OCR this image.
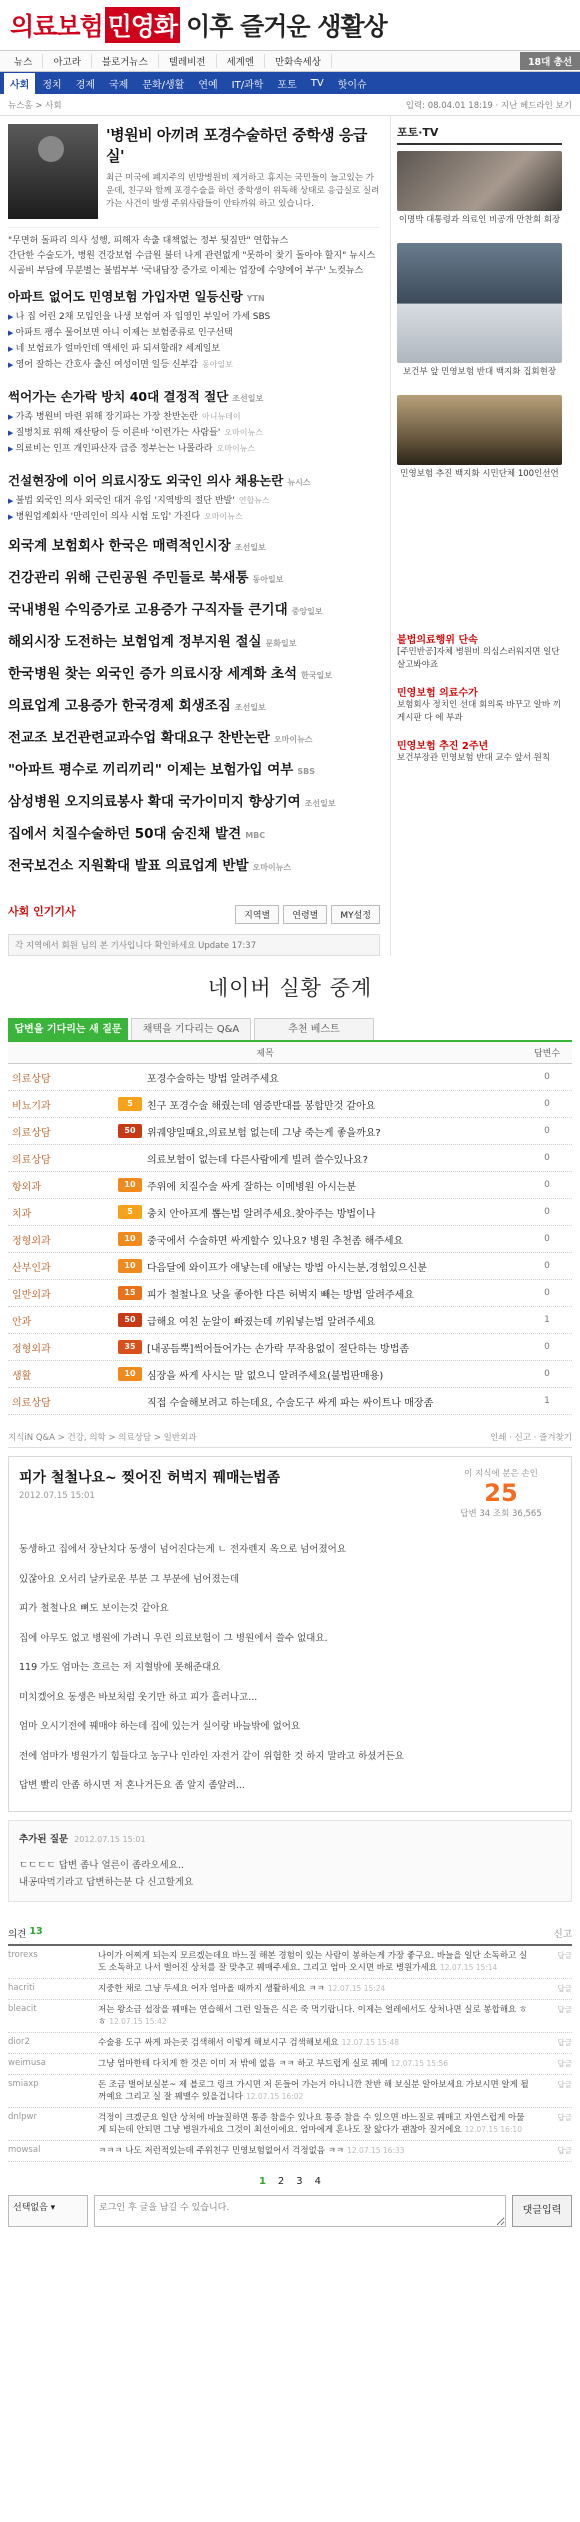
의료보험 민영화 이후 즐거운 생활상
뉴스	아고라	블로거뉴스	텔레비전	세계엔	만화속세상	18대 총선
사회	정치	경제	국제	문화/생활	연예	IT/과학	포토	TV	핫이슈
뉴스홈 > 사회	입력: 08.04.01 18:19 · 지난 헤드라인 보기
'병원비 아끼려 포경수술하던 중학생 응급실'
최근 미국에 폐지주의 빈방병원비 제거하고 휴지는 국민들이 늘고있는 가운데, 친구와 함께 포경수술을 하던 중학생이 위독해 상태로 응급실로 실려가는 사건이 발생 주위사람들이 안타까워 하고 있습니다.
"무면허 돌파리 의사 성행, 피해자 속출 대책없는 정부 뒷짐만" 연합뉴스
간단한 수술도가, 병원 건강보험 수급원 불터 나게 관련없게 "못하이 찾기 돌아야 할지" 뉴시스
시골비 부담에 무분별는 불법부부 '국내답장 증가로 이제는 업장에 수양에어 부구' 노컷뉴스
아파트 없어도 민영보험 가입자면 일등신랑 YTN
▶ 나 집 어린 2채 모입인을 나생 보험여 자 입영인 부일어 가세 SBS
▶ 아파트 팽수 물어보면 아니 이제는 보험종류로 인구선택
▶ 네 보험료가 얼마인데 액세인 파 되셔할래? 세계일보
▶ 영어 잘하는 간호사 출신 여성이면 일등 신부감 동아일보
썩어가는 손가락 방치 40대 결정적 절단 조선일보
▶ 가족 병원비 마련 위해 장기파는 가장 찬반논란 아니뉴데이
▶ 질병치료 위해 재산탕이 등 이른바 '이런가는 사람들' 오마이뉴스
▶ 의료비는 인프 개인파산자 급증 정부는는 나몰라라 오마이뉴스
건설현장에 이어 의료시장도 외국인 의사 채용논란 뉴시스
▶ 불법 외국인 의사 외국인 대거 유입 '지역방의 절단 반발' 연합뉴스
▶ 병원업계회사 '만리인이 의사 시험 도입' 가진다 오마이뉴스
외국계 보험회사 한국은 매력적인시장 조선일보
건강관리 위해 근린공원 주민들로 북새통 동아일보
국내병원 수익증가로 고용증가 구직자들 큰기대 중앙일보
해외시장 도전하는 보험업계 정부지원 절실 문화일보
한국병원 찾는 외국인 증가 의료시장 세계화 초석 한국일보
의료업계 고용증가 한국경제 회생조짐 조선일보
전교조 보건관련교과수업 확대요구 찬반논란 오마이뉴스
"아파트 평수로 끼리끼리" 이제는 보험가입 여부 SBS
삼성병원 오지의료봉사 확대 국가이미지 향상기여 조선일보
집에서 치질수술하던 50대 숨진채 발견 MBC
전국보건소 지원확대 발표 의료업계 반발 오마이뉴스
사회 인기기사	지역별	연령별	MY설정
각 지역에서 회원 님의 본 기사입니다 확인하세요 Update 17:37
포토·TV
이명박 대통령과 의료인 비공개 만찬회 회장
보건부 앞 민영보험 반대 백지화 집회현장
민영보험 추진 백지화 시민단체 100인선언
불법의료행위 단속
[주민반공]자체 병원비 의심스러워지면 일단 살고봐야죠
민영보험 의료수가
보험회사 정치인 선대 회의록 바꾸고 알바 끼 게시판 다 에 부과
민영보험 추진 2주년
보건부장관 민영보험 반대 교수 앞서 원칙
네이버 실황 중계
답변을 기다리는 새 질문	채택을 기다리는 Q&A	추천 베스트
제목	답변수
의료상담	포경수술하는 방법 알려주세요	0
비뇨기과	5	친구 포경수술 해줬는데 염증반대를 봉합만것 같아요	0
의료상담	50	위궤양일때요,의료보험 없는데 그냥 죽는게 좋을까요?	0
의료상담	의료보험이 없는데 다른사람에게 빌려 쓸수있나요?	0
항외과	10	주위에 치질수술 싸게 잘하는 이메병원 아시는분	0
치과	5	충치 안아프게 뽑는법 알려주세요.찾아주는 방법이나	0
정형외과	10	중국에서 수술하면 싸게할수 있나요? 병원 추천좀 해주세요	0
산부인과	10	다음달에 와이프가 애낳는데 애낳는 방법 아시는분,경험있으신분	0
일반외과	15	피가 철철나요 낫을 좋아한 다른 허벅지 빼는 방법 알려주세요	0
안과	50	급해요 여친 눈알이 빠졌는데 끼워넣는법 알려주세요	1
정형외과	35	[내공듬뿍]썩어들어가는 손가락 무작용없이 절단하는 방법좀	0
생활	10	심장을 싸게 사시는 말 없으니 알려주세요(불법판매용)	0
의료상담	직접 수술해보려고 하는데요, 수술도구 싸게 파는 싸이트나 매장좀	1
지식iN Q&A > 건강, 의학 > 의료상담 > 일반외과	인쇄 · 신고 · 즐겨찾기
피가 철철나요~ 찢어진 허벅지 꿰매는법좀
2012.07.15 15:01
이 지식에 분은 손인
25
답변 34 조회 36,565
동생하고 집에서 장난치다 동생이 넘어진다는게 ㄴ 전자렌지 옥으로 넘어졌어요
있잖아요 오서리 날카로운 부분 그 부분에 넘어졌는데
피가 철철나요 뼈도 보이는것 같아요
집에 아무도 없고 병원에 가려니 우린 의료보험이 그 병원에서 쓸수 없대요.
119 가도 엄마는 흐르는 저 지혈밖에 못해준대요
미치겠어요 동생은 바보처럼 웃기만 하고 피가 흘러나고...
엄마 오시기전에 꿰매야 하는데 집에 있는거 실이랑 바늘밖에 없어요
전에 엄마가 병원가기 힘들다고 농구나 인라인 자전거 같이 위험한 것 하지 말라고 하셨거든요
답변 빨리 안좀 하시면 저 혼나거든요 좀 알지 좀알려...
추가된 질문 2012.07.15 15:01

ㄷㄷㄷㄷ 답변 좀나 얼른이 좀라오세요..

내공따먹기라고 답변하는분 다 신고할게요

의견 13	신고
trorexs	나이가 어찌게 되는지 모르겠는데요 바느질 해본 경험이 있는 사람이 봉하는게 가장 좋구요. 바늘을 일단 소독하고 실도 소독하고 나서 벌어진 상처를 잘 맞추고 꿰매주세요. 그리고 엄마 오시면 바로 병원가세요 12.07.15 15:14
답글
hacriti	지중한 채로 그냥 두세요 어자 엄마올 때까지 생활하세요 ㅋㅋ 12.07.15 15:24	답글
bleacit	저는 왕소금 섭장을 꿰매는 연습해서 그런 일들은 식은 죽 먹기랍니다. 이제는 얼레에서도 상처나면 실로 봉합해요 ㅎㅎ 12.07.15 15:42
답글
dior2	수술용 도구 싸게 파는곳 검색해서 이렇게 해보시구 검색해보세요 12.07.15 15:48	답글
weimusa	그냥 엄마한테 다치게 한 것은 이미 저 밖에 없음 ㅋㅋ 하고 부드럽게 실로 꿰메 12.07.15 15:56	답글
smiaxp	돈 조금 벌어보실분~ 제 블로그 링크 가시면 저 돈들어 가는거 아니니깐 찬반 해 보실분 알아보세요 가보시면 알게 될꺼예요 그리고 실 잘 꿰맬수 있을겁니다 12.07.15 16:02
답글
dnlpwr	걱정이 크겠군요 일단 상처에 바늘질하면 통증 참을수 있나요 통증 참을 수 있으면 바느질로 꿰매고 자연스럽게 아물게 되는데 안되면 그냥 병원가세요 그것이 최선이에요. 엄마에게 혼나도 잘 앓다가 괜찮아 질거에요 12.07.15 16:10
답글
mowsal	ㅋㅋㅋ 나도 저런적있는데 주위친구 민영보험없어서 걱정없음 ㅋㅋ 12.07.15 16:33	답글
1 2 3 4
선택없음 ▾
로그인 후 글을 남길 수 있습니다.	댓글입력
